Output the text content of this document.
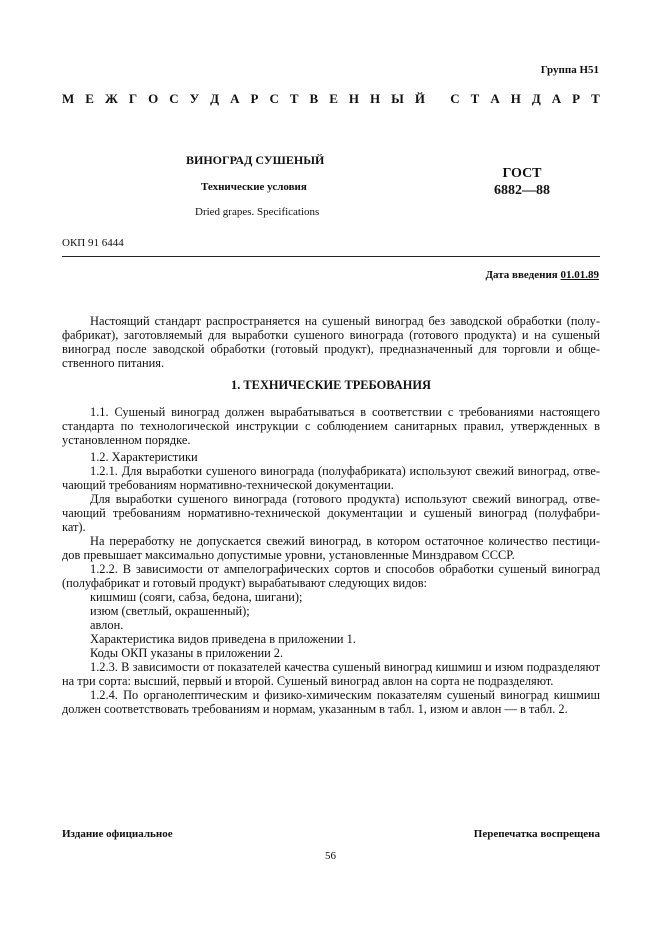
Группа Н51
М Е Ж Г О С У Д А Р С Т В Е Н Н Ы Й
С Т А Н Д А Р Т
ВИНОГРАД СУШЕНЫЙ
Технические условия
Dried grapes. Specifications
ГОСТ
6882—88
ОКП 91 6444
Дата введения 01.01.89
Настоящий стандарт распространяется на сушеный виноград без заводской обработки (полу-
фабрикат), заготовляемый для выработки сушеного винограда (готового продукта) и на сушеный
виноград после заводской обработки (готовый продукт), предназначенный для торговли и обще-
ственного питания.
1. ТЕХНИЧЕСКИЕ ТРЕБОВАНИЯ
1.1. Сушеный виноград должен вырабатываться в соответствии с требованиями настоящего
стандарта по технологической инструкции с соблюдением санитарных правил, утвержденных в
установленном порядке.
1.2. Характеристики
1.2.1. Для выработки сушеного винограда (полуфабриката) используют свежий виноград, отве-
чающий требованиям нормативно-технической документации.
Для выработки сушеного винограда (готового продукта) используют свежий виноград, отве-
чающий требованиям нормативно-технической документации и сушеный виноград (полуфабри-
кат).
На переработку не допускается свежий виноград, в котором остаточное количество пестици-
дов превышает максимально допустимые уровни, установленные Минздравом СССР.
1.2.2. В зависимости от ампелографических сортов и способов обработки сушеный виноград
(полуфабрикат и готовый продукт) вырабатывают следующих видов:
кишмиш (сояги, сабза, бедона, шигани);
изюм (светлый, окрашенный);
авлон.
Характеристика видов приведена в приложении 1.
Коды ОКП указаны в приложении 2.
1.2.3. В зависимости от показателей качества сушеный виноград кишмиш и изюм подразделяют
на три сорта: высший, первый и второй. Сушеный виноград авлон на сорта не подразделяют.
1.2.4. По органолептическим и физико-химическим показателям сушеный виноград кишмиш
должен соответствовать требованиям и нормам, указанным в табл. 1, изюм и авлон — в табл. 2.
Издание официальное	Перепечатка воспрещена
56
